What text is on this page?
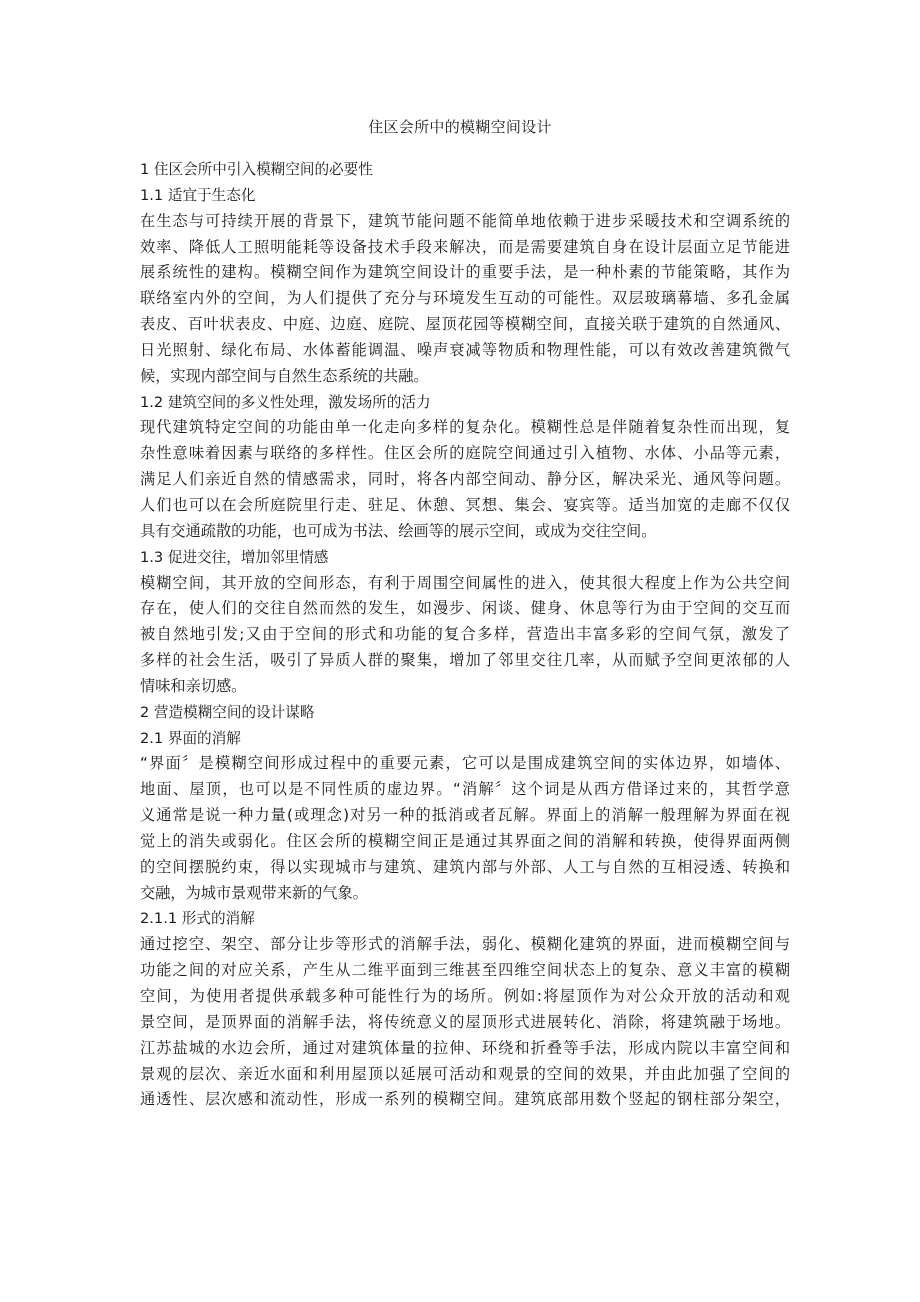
住区会所中的模糊空间设计
1 住区会所中引入模糊空间的必要性
1.1 适宜于生态化
在生态与可持续开展的背景下，建筑节能问题不能简单地依赖于进步采暖技术和空调系统的
效率、降低人工照明能耗等设备技术手段来解决，而是需要建筑自身在设计层面立足节能进
展系统性的建构。模糊空间作为建筑空间设计的重要手法，是一种朴素的节能策略，其作为
联络室内外的空间，为人们提供了充分与环境发生互动的可能性。双层玻璃幕墙、多孔金属
表皮、百叶状表皮、中庭、边庭、庭院、屋顶花园等模糊空间，直接关联于建筑的自然通风、
日光照射、绿化布局、水体蓄能调温、噪声衰减等物质和物理性能，可以有效改善建筑微气
候，实现内部空间与自然生态系统的共融。
1.2 建筑空间的多义性处理，激发场所的活力
现代建筑特定空间的功能由单一化走向多样的复杂化。模糊性总是伴随着复杂性而出现，复
杂性意味着因素与联络的多样性。住区会所的庭院空间通过引入植物、水体、小品等元素，
满足人们亲近自然的情感需求，同时，将各内部空间动、静分区，解决采光、通风等问题。
人们也可以在会所庭院里行走、驻足、休憩、冥想、集会、宴宾等。适当加宽的走廊不仅仅
具有交通疏散的功能，也可成为书法、绘画等的展示空间，或成为交往空间。
1.3 促进交往，增加邻里情感
模糊空间，其开放的空间形态，有利于周围空间属性的进入，使其很大程度上作为公共空间
存在，使人们的交往自然而然的发生，如漫步、闲谈、健身、休息等行为由于空间的交互而
被自然地引发;又由于空间的形式和功能的复合多样，营造出丰富多彩的空间气氛，激发了
多样的社会生活，吸引了异质人群的聚集，增加了邻里交往几率，从而赋予空间更浓郁的人
情味和亲切感。
2 营造模糊空间的设计谋略
2.1 界面的消解
“界面〞是模糊空间形成过程中的重要元素，它可以是围成建筑空间的实体边界，如墙体、
地面、屋顶，也可以是不同性质的虚边界。“消解〞这个词是从西方借译过来的，其哲学意
义通常是说一种力量(或理念)对另一种的抵消或者瓦解。界面上的消解一般理解为界面在视
觉上的消失或弱化。住区会所的模糊空间正是通过其界面之间的消解和转换，使得界面两侧
的空间摆脱约束，得以实现城市与建筑、建筑内部与外部、人工与自然的互相浸透、转换和
交融，为城市景观带来新的气象。
2.1.1 形式的消解
通过挖空、架空、部分让步等形式的消解手法，弱化、模糊化建筑的界面，进而模糊空间与
功能之间的对应关系，产生从二维平面到三维甚至四维空间状态上的复杂、意义丰富的模糊
空间，为使用者提供承载多种可能性行为的场所。例如:将屋顶作为对公众开放的活动和观
景空间，是顶界面的消解手法，将传统意义的屋顶形式进展转化、消除，将建筑融于场地。
江苏盐城的水边会所，通过对建筑体量的拉伸、环绕和折叠等手法，形成内院以丰富空间和
景观的层次、亲近水面和利用屋顶以延展可活动和观景的空间的效果，并由此加强了空间的
通透性、层次感和流动性，形成一系列的模糊空间。建筑底部用数个竖起的钢柱部分架空，
